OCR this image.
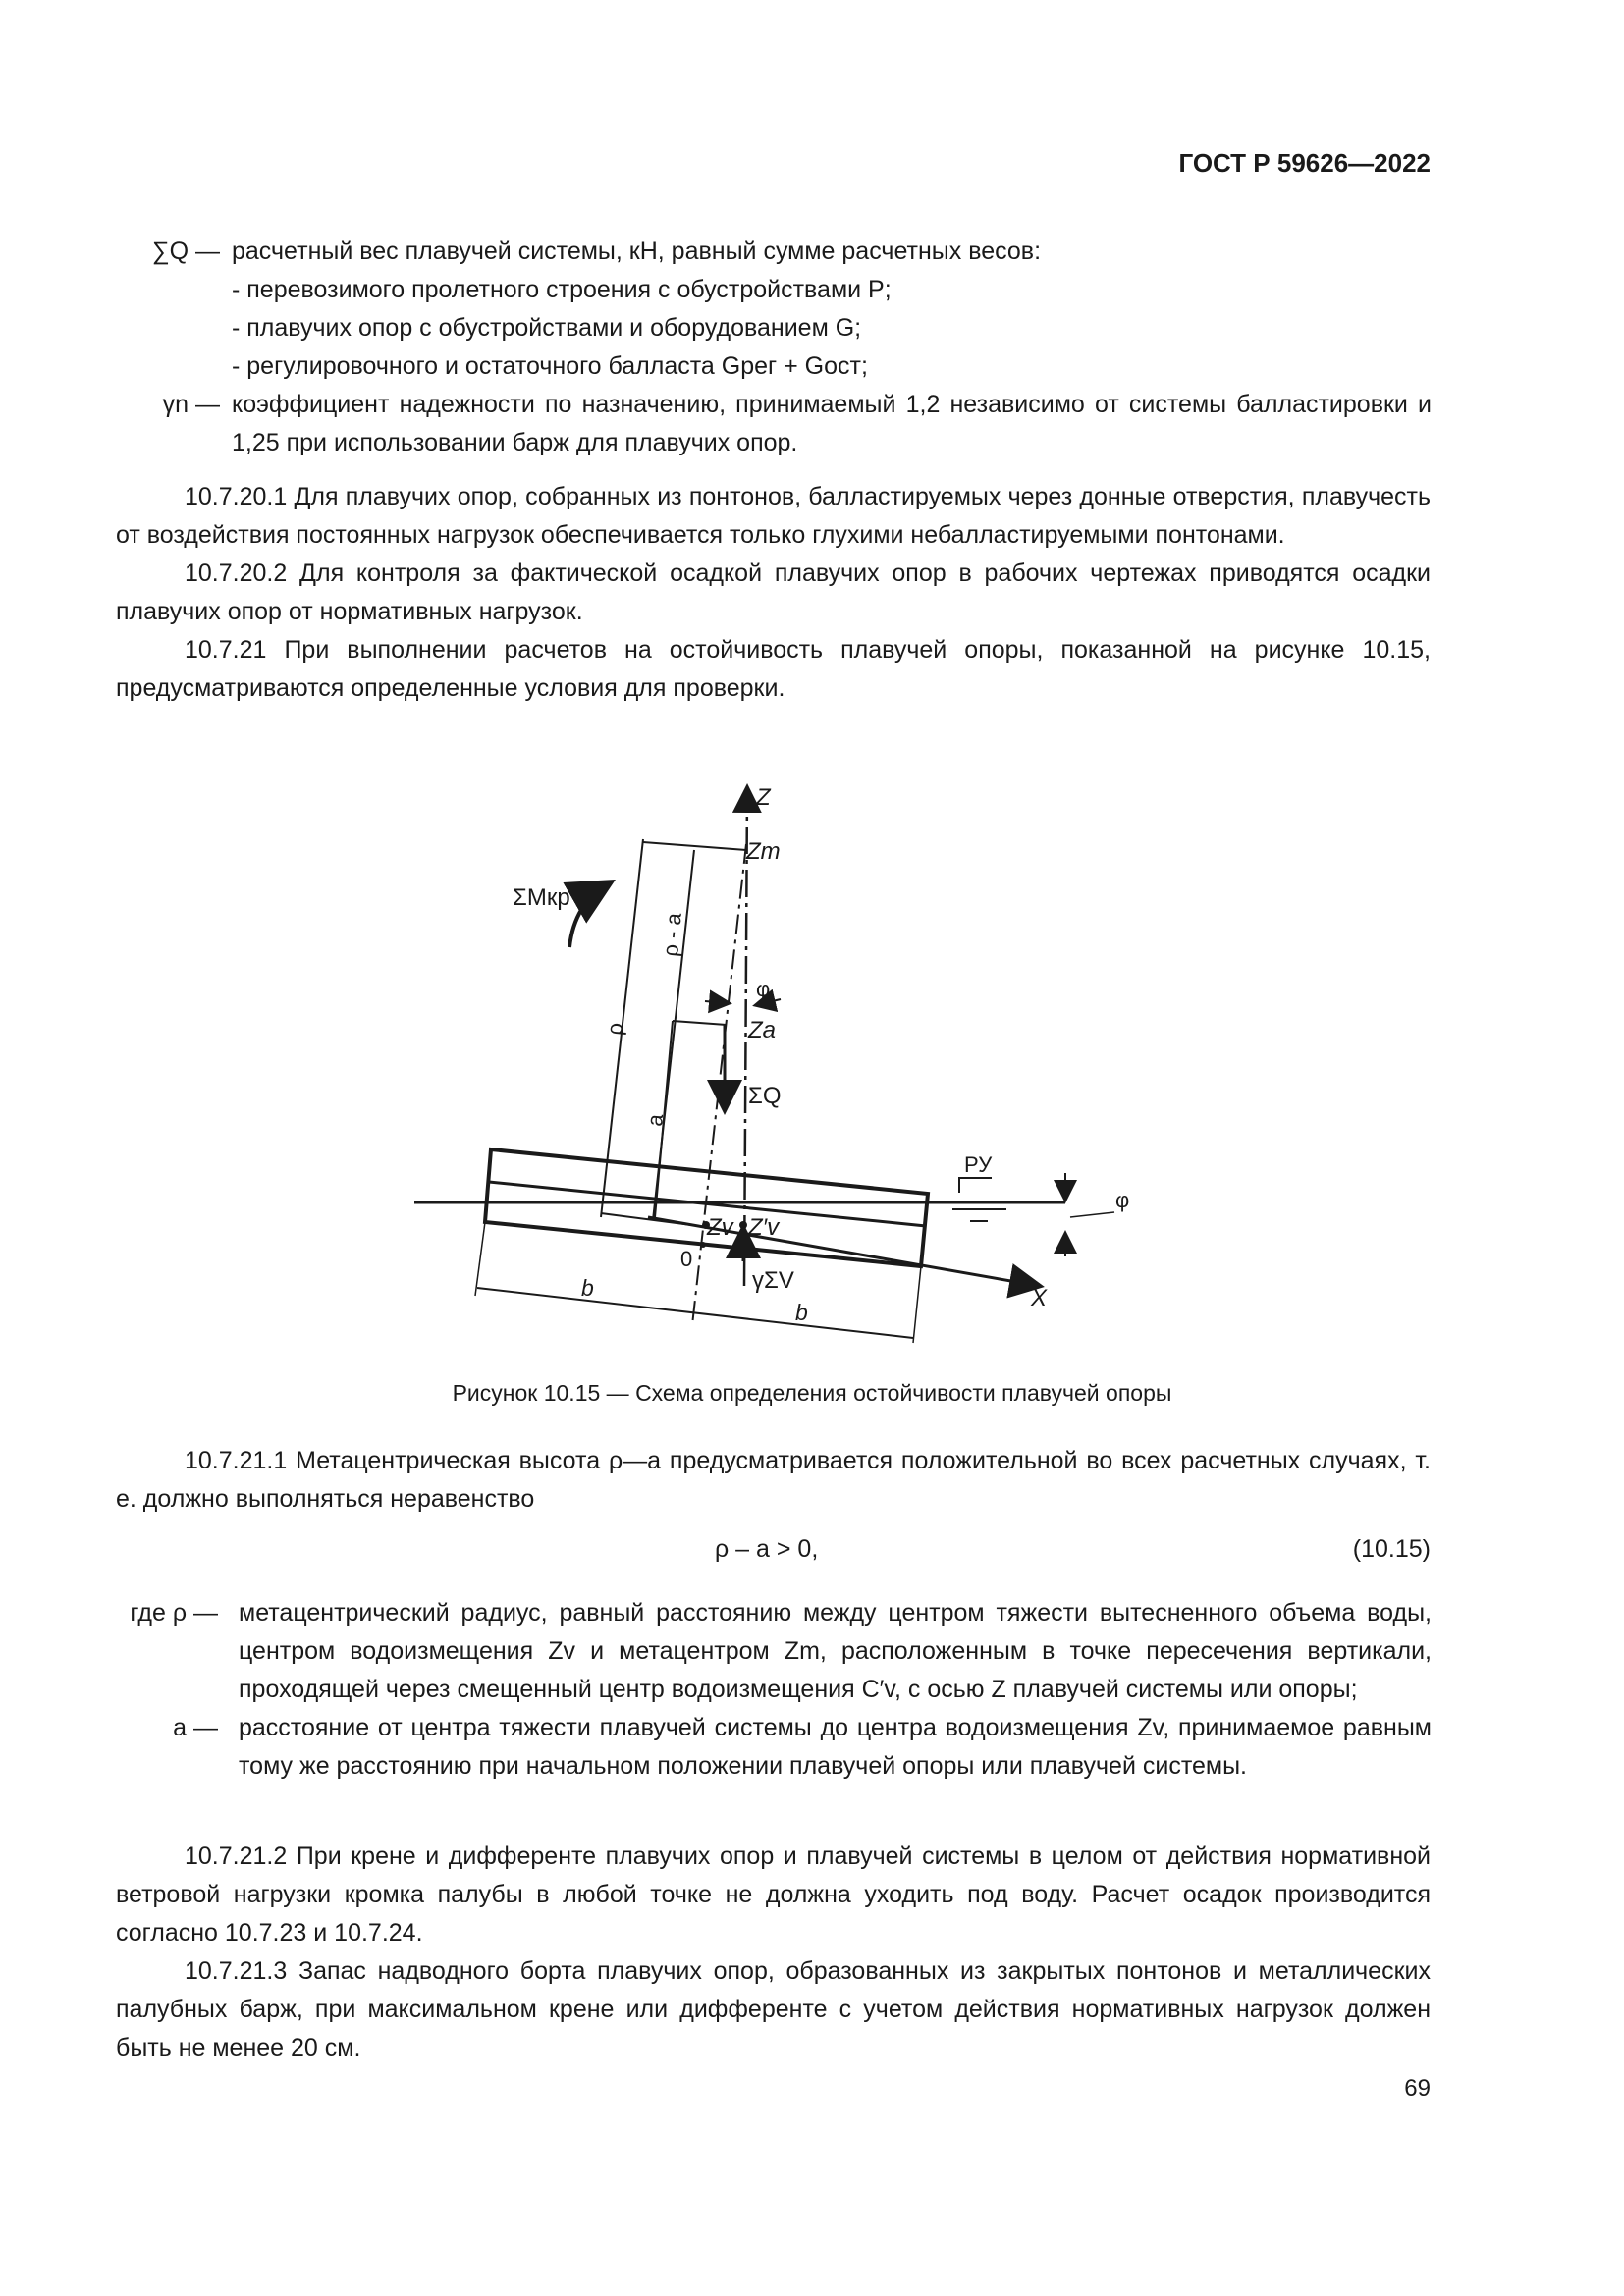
ГОСТ Р 59626—2022
∑Q — расчетный вес плавучей системы, кН, равный сумме расчетных весов:
- перевозимого пролетного строения с обустройствами P;
- плавучих опор с обустройствами и оборудованием G;
- регулировочного и остаточного балласта Gрег + Gост;
γn — коэффициент надежности по назначению, принимаемый 1,2 независимо от системы балластировки и 1,25 при использовании барж для плавучих опор.

10.7.20.1 Для плавучих опор, собранных из понтонов, балластируемых через донные отверстия, плавучесть от воздействия постоянных нагрузок обеспечивается только глухими небалластируемыми понтонами.

10.7.20.2 Для контроля за фактической осадкой плавучих опор в рабочих чертежах приводятся осадки плавучих опор от нормативных нагрузок.

10.7.21 При выполнении расчетов на остойчивость плавучей опоры, показанной на рисунке 10.15, предусматриваются определенные условия для проверки.

Z
Zm
Za
ΣQ
φ
Zv Z′v
0
γΣV
X
ΣMкр
ρ - a
ρ
a
b
b
РУ
φ
Рисунок 10.15 — Схема определения остойчивости плавучей опоры

10.7.21.1 Метацентрическая высота ρ—а предусматривается положительной во всех расчетных случаях, т. е. должно выполняться неравенство

ρ – а > 0,	(10.15)
где ρ — метацентрический радиус, равный расстоянию между центром тяжести вытесненного объема воды, центром водоизмещения Zv и метацентром Zm, расположенным в точке пересечения вертикали, проходящей через смещенный центр водоизмещения C′v, с осью Z плавучей системы или опоры;
а — расстояние от центра тяжести плавучей системы до центра водоизмещения Zv, принимаемое равным тому же расстоянию при начальном положении плавучей опоры или плавучей системы.

10.7.21.2 При крене и дифференте плавучих опор и плавучей системы в целом от действия нормативной ветровой нагрузки кромка палубы в любой точке не должна уходить под воду. Расчет осадок производится согласно 10.7.23 и 10.7.24.

10.7.21.3 Запас надводного борта плавучих опор, образованных из закрытых понтонов и металлических палубных барж, при максимальном крене или дифференте с учетом действия нормативных нагрузок должен быть не менее 20 см.

69
